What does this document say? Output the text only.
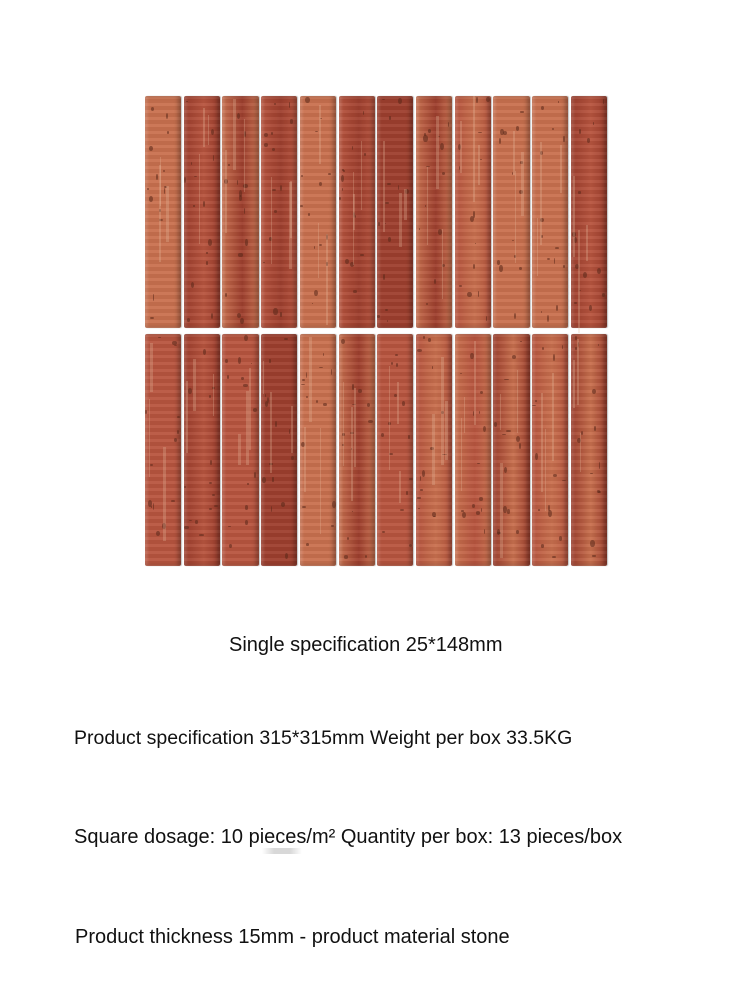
Single specification 25*148mm
Product specification 315*315mm Weight per box 33.5KG
Square dosage: 10 pieces/m² Quantity per box: 13 pieces/box
Product thickness 15mm - product material stone
